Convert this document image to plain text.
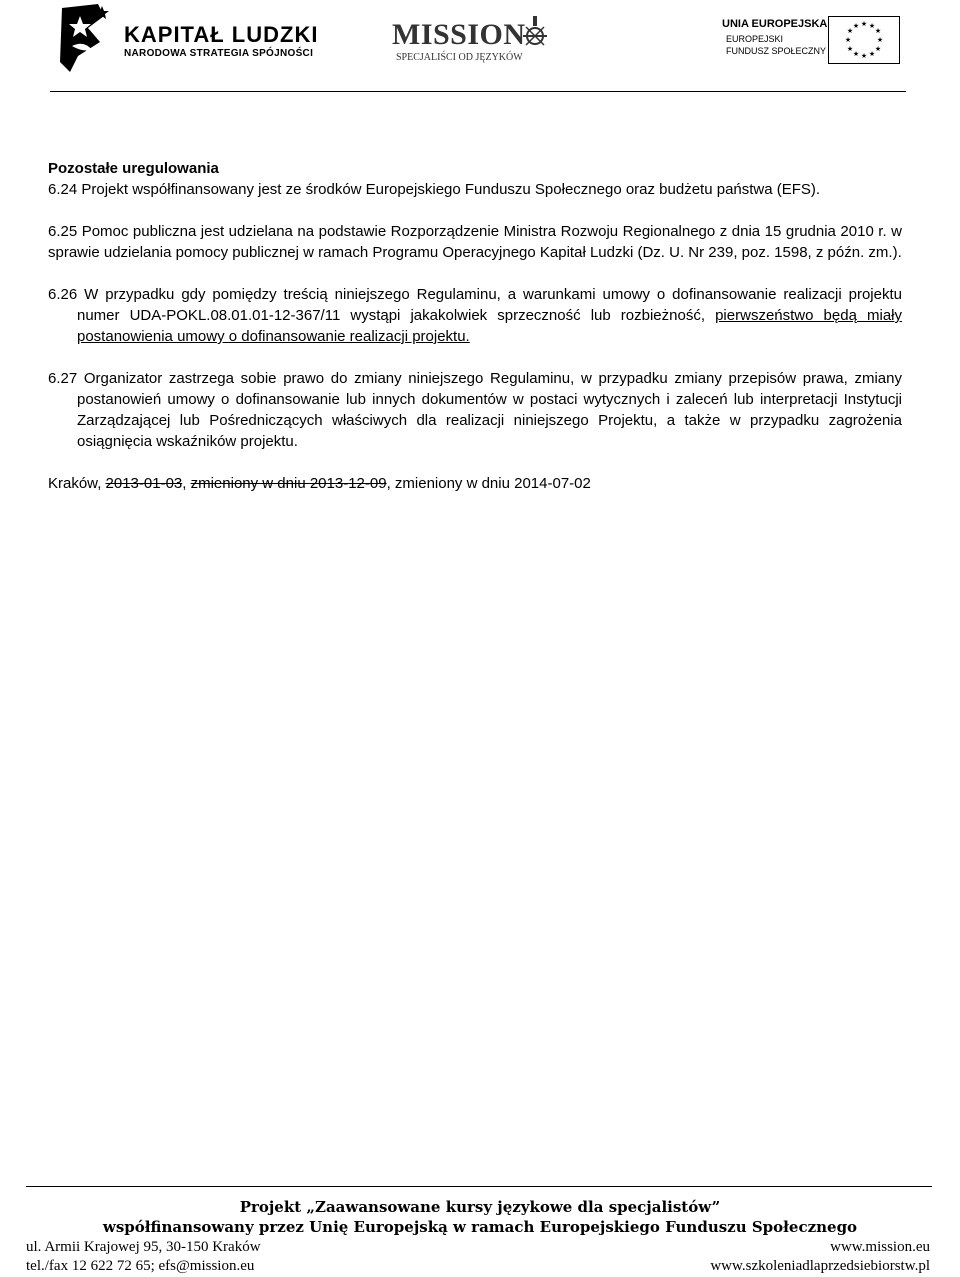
KAPITAŁ LUDZKI
NARODOWA STRATEGIA SPÓJNOŚCI
MISSION
SPECJALIŚCI OD JĘZYKÓW
UNIA EUROPEJSKA
EUROPEJSKI
FUNDUSZ SPOŁECZNY
★ ★
★
★
★
★
★
★
★
★
★
★

Pozostałe uregulowania

6.24 Projekt współfinansowany jest ze środków Europejskiego Funduszu Społecznego oraz budżetu państwa (EFS).

6.25 Pomoc publiczna jest udzielana na podstawie Rozporządzenie Ministra Rozwoju Regionalnego z dnia 15 grudnia 2010 r. w sprawie udzielania pomocy publicznej w ramach Programu Operacyjnego Kapitał Ludzki (Dz. U. Nr 239, poz. 1598, z późn. zm.).

6.26 W przypadku gdy pomiędzy treścią niniejszego Regulaminu, a warunkami umowy o dofinansowanie realizacji projektu numer UDA-POKL.08.01.01-12-367/11 wystąpi jakakolwiek sprzeczność lub rozbieżność, pierwszeństwo będą miały postanowienia umowy o dofinansowanie realizacji projektu.

6.27 Organizator zastrzega sobie prawo do zmiany niniejszego Regulaminu, w przypadku zmiany przepisów prawa, zmiany postanowień umowy o dofinansowanie lub innych dokumentów w postaci wytycznych i zaleceń lub interpretacji Instytucji Zarządzającej lub Pośredniczących właściwych dla realizacji niniejszego Projektu, a także w przypadku zagrożenia osiągnięcia wskaźników projektu.

Kraków, 2013-01-03, zmieniony w dniu 2013-12-09, zmieniony w dniu 2014-07-02

Projekt „Zaawansowane kursy językowe dla specjalistów”
współfinansowany przez Unię Europejską w ramach Europejskiego Funduszu Społecznego
ul. Armii Krajowej 95, 30-150 Kraków	www.mission.eu
tel./fax 12 622 72 65; efs@mission.eu	www.szkoleniadlaprzedsiebiorstw.pl
